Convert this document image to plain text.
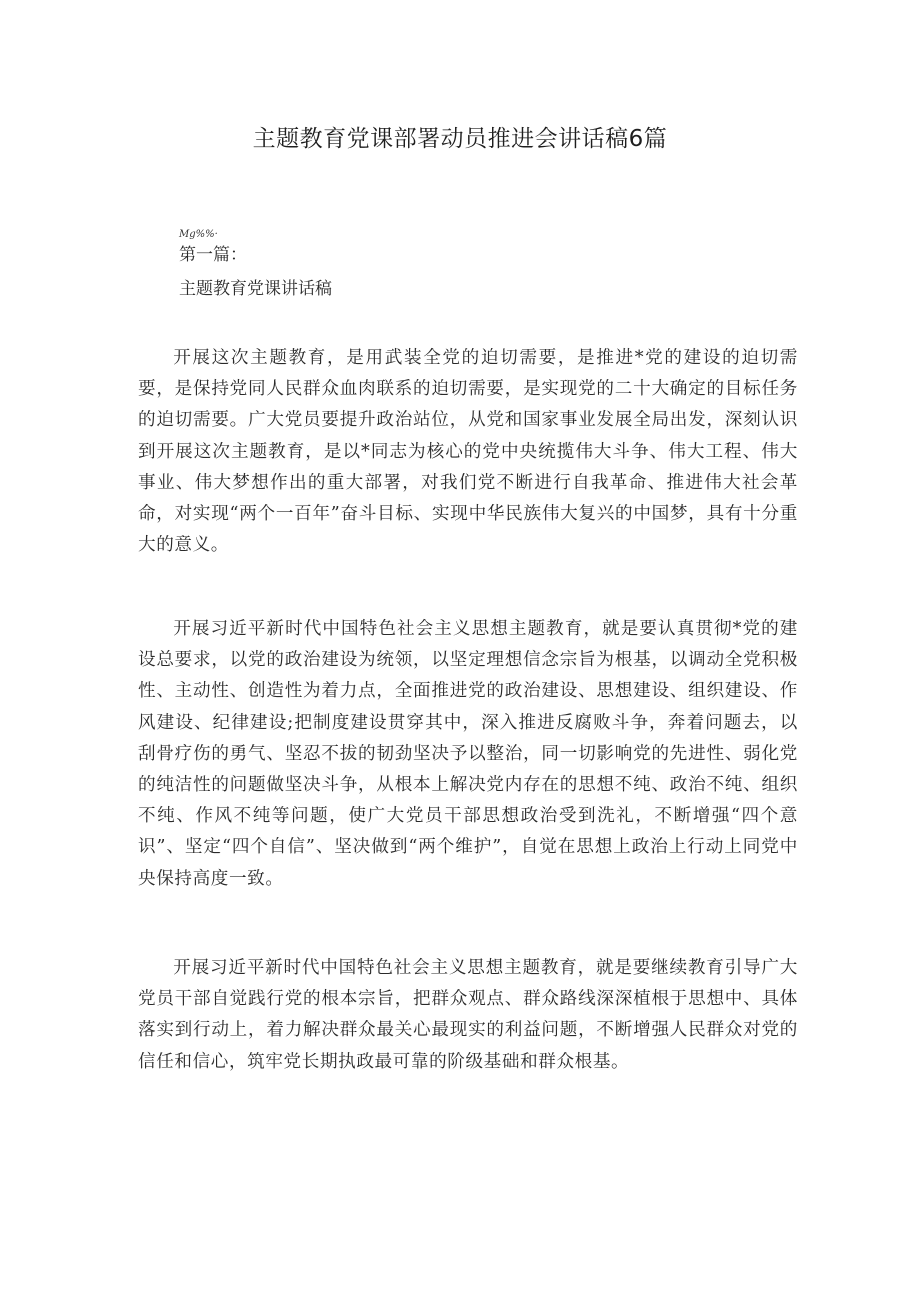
主题教育党课部署动员推进会讲话稿6篇
Mg%%·
第一篇：
主题教育党课讲话稿

开展这次主题教育，是用武装全党的迫切需要，是推进*党的建设的迫切需要，是保持党同人民群众血肉联系的迫切需要，是实现党的二十大确定的目标任务的迫切需要。广大党员要提升政治站位，从党和国家事业发展全局出发，深刻认识到开展这次主题教育，是以*同志为核心的党中央统揽伟大斗争、伟大工程、伟大事业、伟大梦想作出的重大部署，对我们党不断进行自我革命、推进伟大社会革命，对实现“两个一百年”奋斗目标、实现中华民族伟大复兴的中国梦，具有十分重大的意义。

开展习近平新时代中国特色社会主义思想主题教育，就是要认真贯彻*党的建设总要求，以党的政治建设为统领，以坚定理想信念宗旨为根基，以调动全党积极性、主动性、创造性为着力点，全面推进党的政治建设、思想建设、组织建设、作风建设、纪律建设;把制度建设贯穿其中，深入推进反腐败斗争，奔着问题去，以刮骨疗伤的勇气、坚忍不拔的韧劲坚决予以整治，同一切影响党的先进性、弱化党的纯洁性的问题做坚决斗争，从根本上解决党内存在的思想不纯、政治不纯、组织不纯、作风不纯等问题，使广大党员干部思想政治受到洗礼，不断增强“四个意识”、坚定“四个自信”、坚决做到“两个维护”，自觉在思想上政治上行动上同党中央保持高度一致。

开展习近平新时代中国特色社会主义思想主题教育，就是要继续教育引导广大党员干部自觉践行党的根本宗旨，把群众观点、群众路线深深植根于思想中、具体落实到行动上，着力解决群众最关心最现实的利益问题，不断增强人民群众对党的信任和信心，筑牢党长期执政最可靠的阶级基础和群众根基。
